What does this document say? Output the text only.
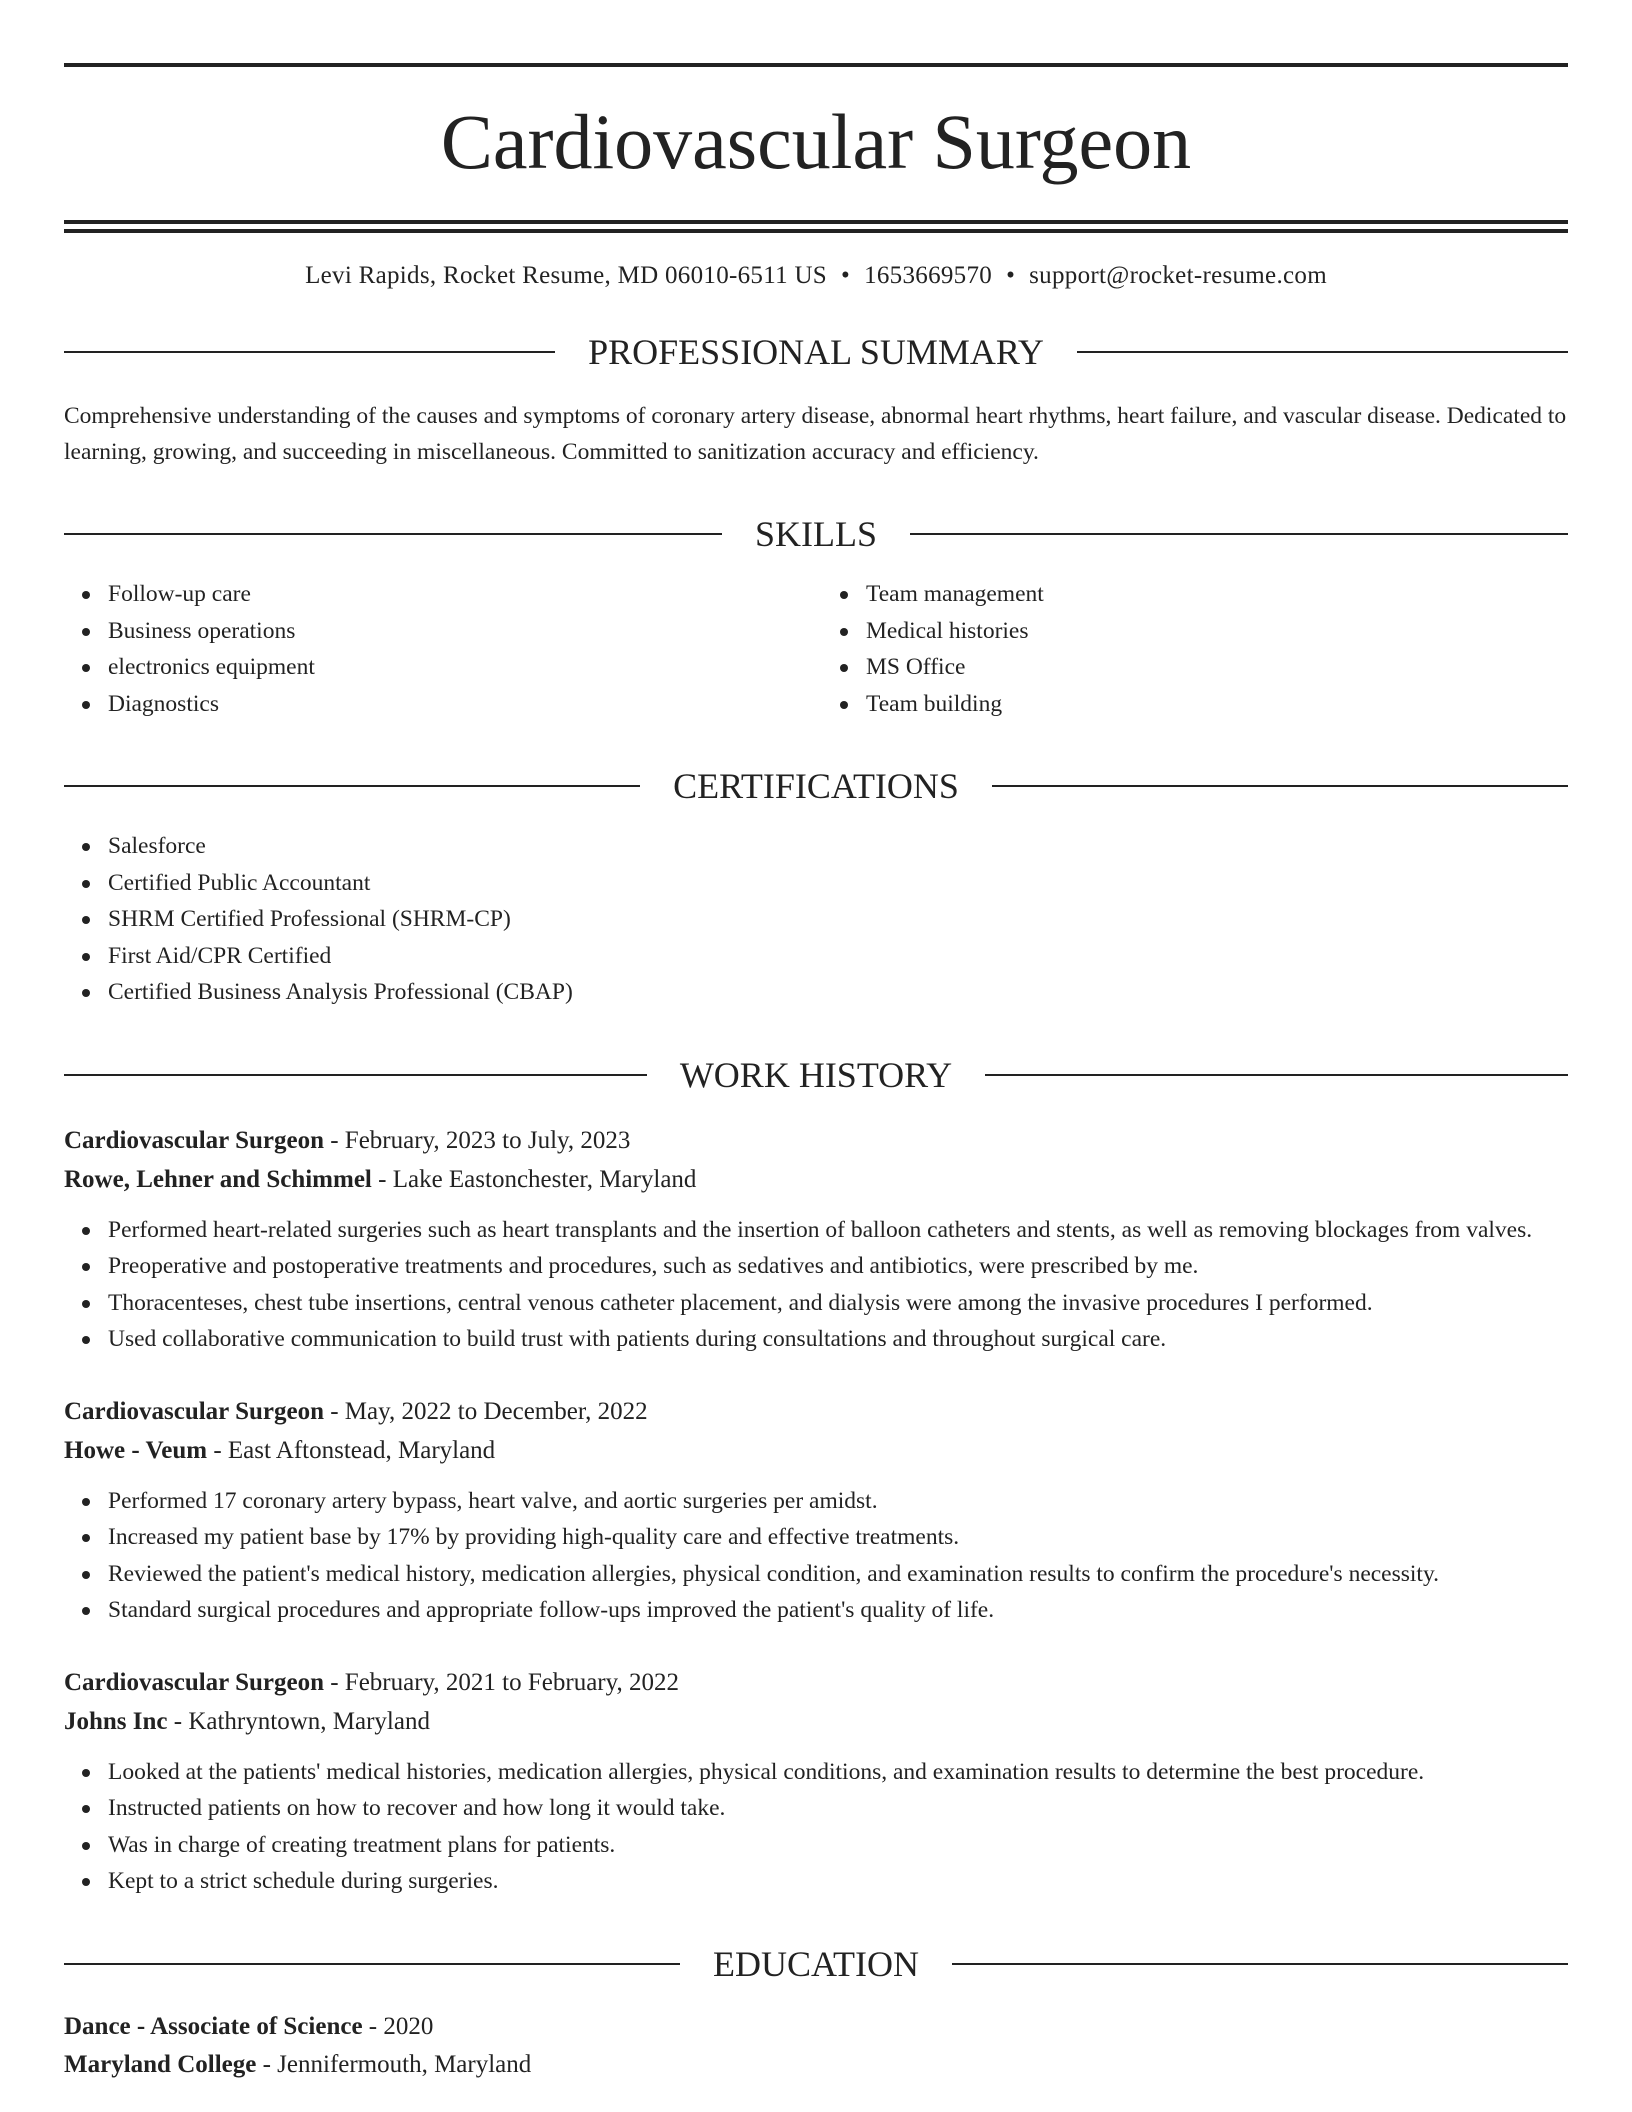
Cardiovascular Surgeon
Levi Rapids, Rocket Resume, MD 06010-6511 US • 1653669570 • support@rocket-resume.com
PROFESSIONAL SUMMARY
Comprehensive understanding of the causes and symptoms of coronary artery disease, abnormal heart rhythms, heart failure, and vascular disease. Dedicated to learning, growing, and succeeding in miscellaneous. Committed to sanitization accuracy and efficiency.
SKILLS
Follow-up care
Business operations
electronics equipment
Diagnostics
Team management
Medical histories
MS Office
Team building
CERTIFICATIONS
Salesforce
Certified Public Accountant
SHRM Certified Professional (SHRM-CP)
First Aid/CPR Certified
Certified Business Analysis Professional (CBAP)
WORK HISTORY
Cardiovascular Surgeon - February, 2023 to July, 2023
Rowe, Lehner and Schimmel - Lake Eastonchester, Maryland
Performed heart-related surgeries such as heart transplants and the insertion of balloon catheters and stents, as well as removing blockages from valves.
Preoperative and postoperative treatments and procedures, such as sedatives and antibiotics, were prescribed by me.
Thoracenteses, chest tube insertions, central venous catheter placement, and dialysis were among the invasive procedures I performed.
Used collaborative communication to build trust with patients during consultations and throughout surgical care.
Cardiovascular Surgeon - May, 2022 to December, 2022
Howe - Veum - East Aftonstead, Maryland
Performed 17 coronary artery bypass, heart valve, and aortic surgeries per amidst.
Increased my patient base by 17% by providing high-quality care and effective treatments.
Reviewed the patient's medical history, medication allergies, physical condition, and examination results to confirm the procedure's necessity.
Standard surgical procedures and appropriate follow-ups improved the patient's quality of life.
Cardiovascular Surgeon - February, 2021 to February, 2022
Johns Inc - Kathryntown, Maryland
Looked at the patients' medical histories, medication allergies, physical conditions, and examination results to determine the best procedure.
Instructed patients on how to recover and how long it would take.
Was in charge of creating treatment plans for patients.
Kept to a strict schedule during surgeries.
EDUCATION
Dance - Associate of Science - 2020
Maryland College - Jennifermouth, Maryland
